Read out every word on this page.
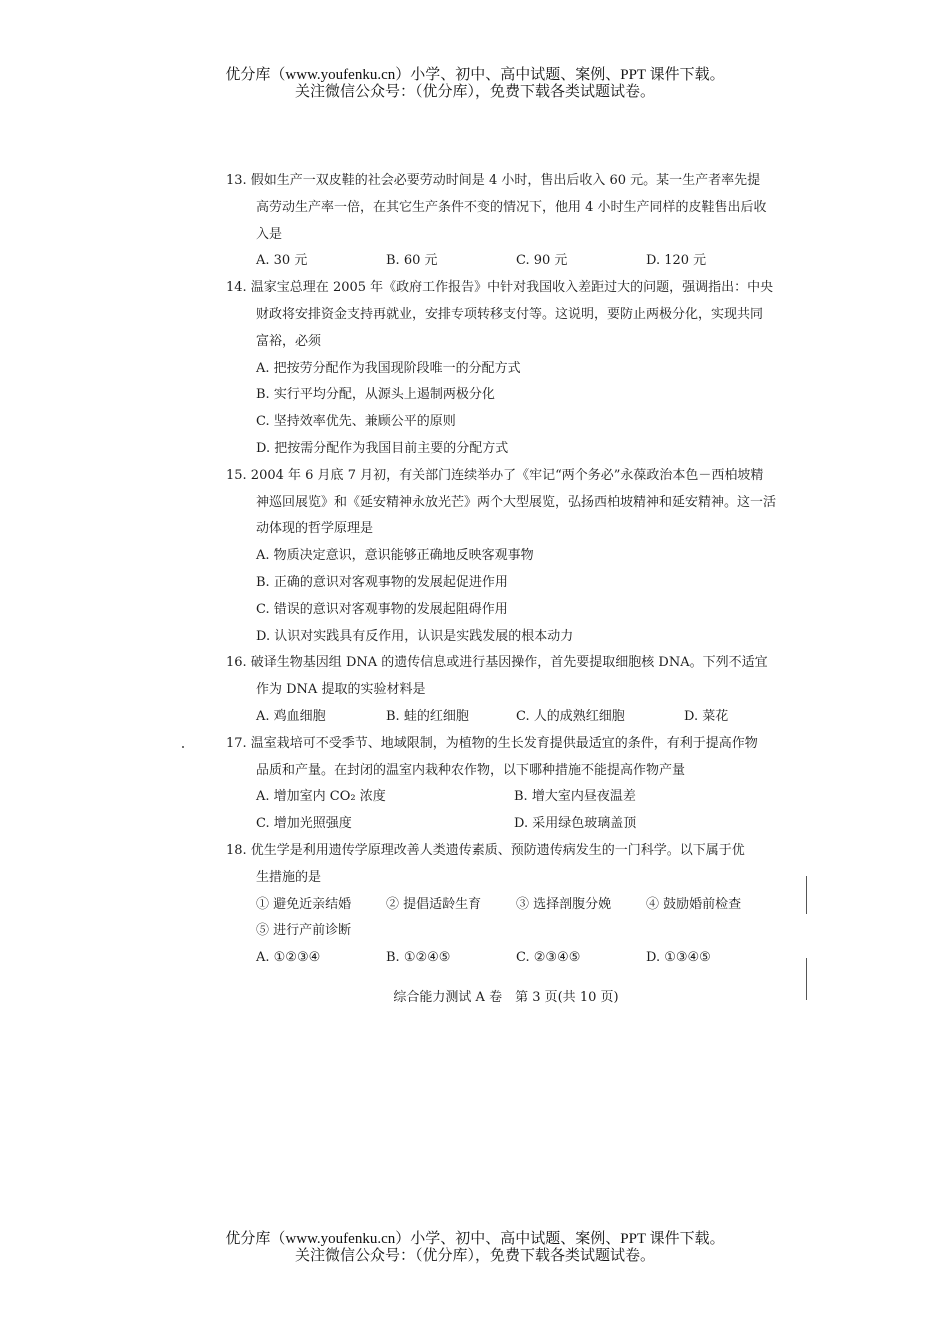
优分库（www.youfenku.cn）小学、初中、高中试题、案例、PPT 课件下载。
关注微信公众号：（优分库），免费下载各类试题试卷。
13. 假如生产一双皮鞋的社会必要劳动时间是 4 小时，售出后收入 60 元。某一生产者率先提
高劳动生产率一倍，在其它生产条件不变的情况下，他用 4 小时生产同样的皮鞋售出后收
入是
A. 30 元	B. 60 元	C. 90 元	D. 120 元
14. 温家宝总理在 2005 年《政府工作报告》中针对我国收入差距过大的问题，强调指出：中央
财政将安排资金支持再就业，安排专项转移支付等。这说明，要防止两极分化，实现共同
富裕，必须
A. 把按劳分配作为我国现阶段唯一的分配方式
B. 实行平均分配，从源头上遏制两极分化
C. 坚持效率优先、兼顾公平的原则
D. 把按需分配作为我国目前主要的分配方式
15. 2004 年 6 月底 7 月初，有关部门连续举办了《牢记“两个务必”永葆政治本色－西柏坡精
神巡回展览》和《延安精神永放光芒》两个大型展览，弘扬西柏坡精神和延安精神。这一活
动体现的哲学原理是
A. 物质决定意识，意识能够正确地反映客观事物
B. 正确的意识对客观事物的发展起促进作用
C. 错误的意识对客观事物的发展起阻碍作用
D. 认识对实践具有反作用，认识是实践发展的根本动力
16. 破译生物基因组 DNA 的遗传信息或进行基因操作，首先要提取细胞核 DNA。下列不适宜
作为 DNA 提取的实验材料是
A. 鸡血细胞	B. 蛙的红细胞	C. 人的成熟红细胞	D. 菜花
17. 温室栽培可不受季节、地域限制，为植物的生长发育提供最适宜的条件，有利于提高作物
品质和产量。在封闭的温室内栽种农作物，以下哪种措施不能提高作物产量
A. 增加室内 CO₂ 浓度	B. 增大室内昼夜温差
C. 增加光照强度	D. 采用绿色玻璃盖顶
18. 优生学是利用遗传学原理改善人类遗传素质、预防遗传病发生的一门科学。以下属于优
生措施的是
① 避免近亲结婚	② 提倡适龄生育	③ 选择剖腹分娩	④ 鼓励婚前检查
⑤ 进行产前诊断
A. ①②③④	B. ①②④⑤	C. ②③④⑤	D. ①③④⑤
综合能力测试 A 卷　第 3 页(共 10 页)
优分库（www.youfenku.cn）小学、初中、高中试题、案例、PPT 课件下载。
关注微信公众号：（优分库），免费下载各类试题试卷。
